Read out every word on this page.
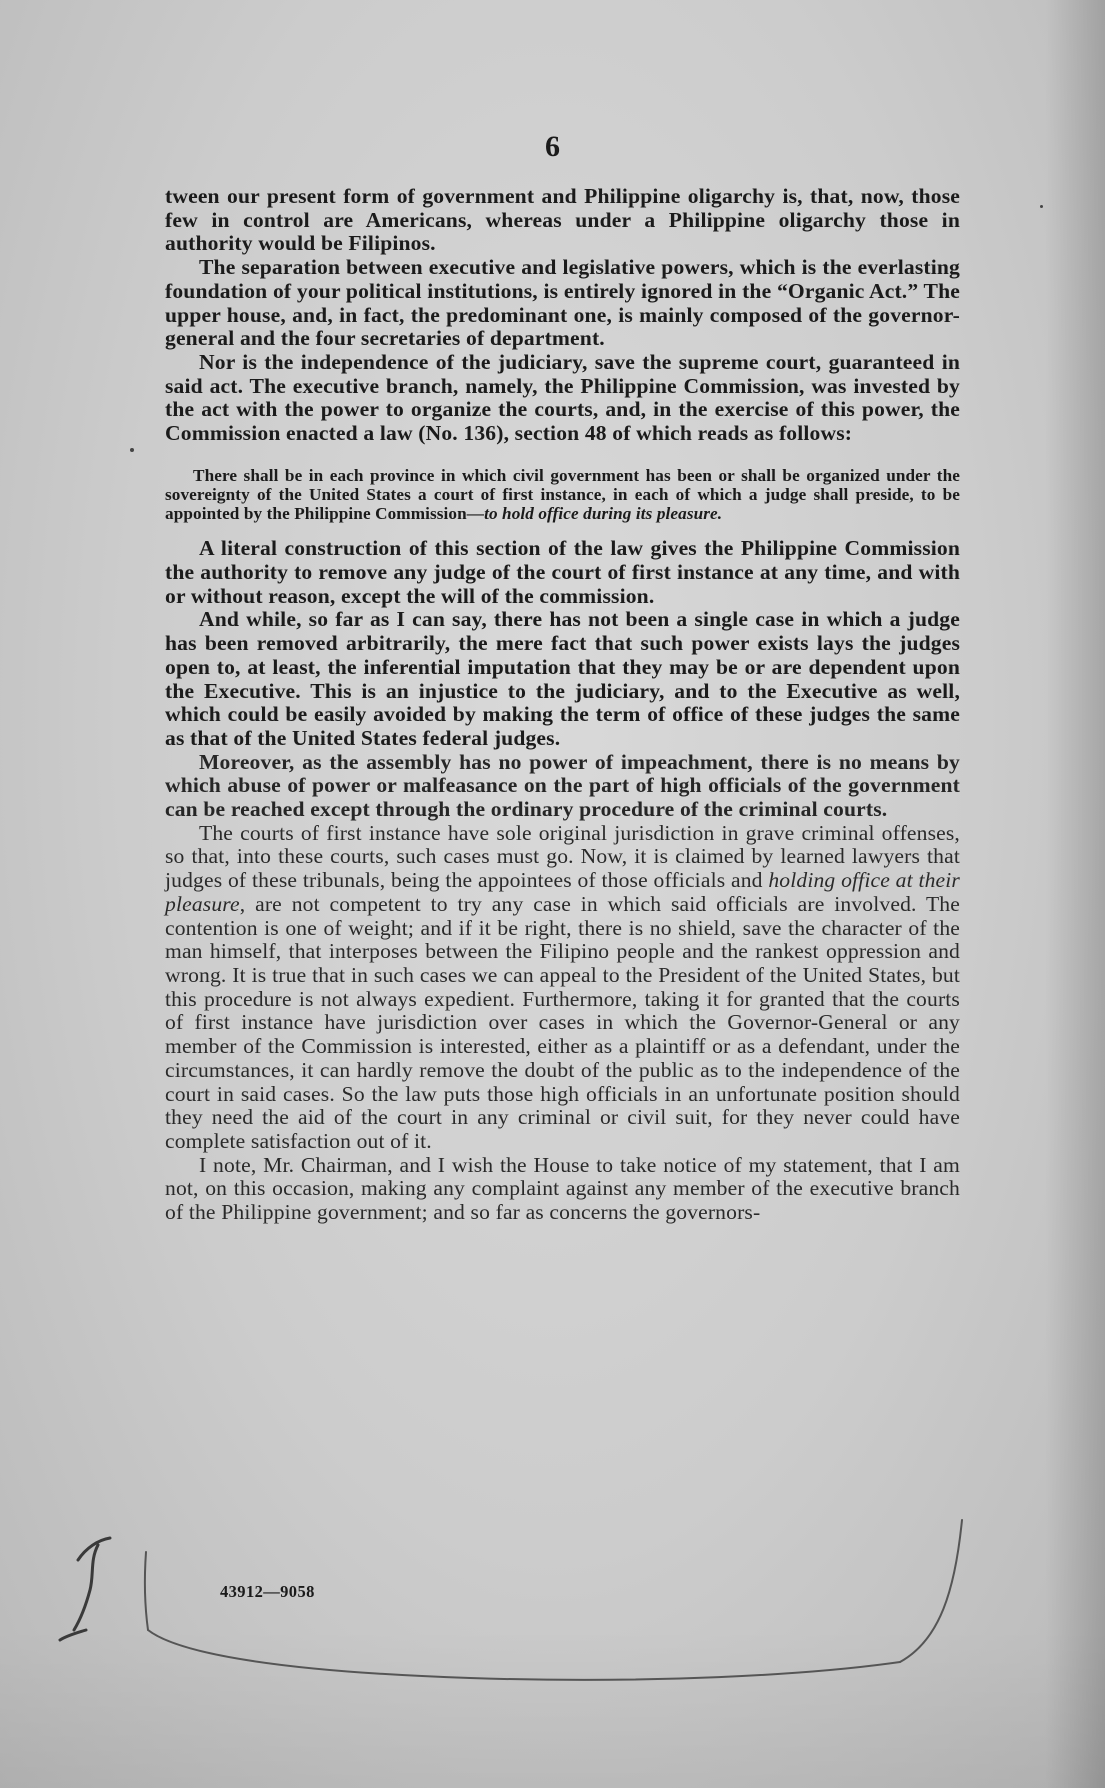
6

tween our present form of government and Philippine oligarchy is, that, now, those few in control are Americans, whereas under a Philippine oligarchy those in authority would be Filipinos.

The separation between executive and legislative powers, which is the everlasting foundation of your political institutions, is entirely ignored in the “Organic Act.” The upper house, and, in fact, the predominant one, is mainly composed of the governor-general and the four secretaries of department.

Nor is the independence of the judiciary, save the supreme court, guaranteed in said act. The executive branch, namely, the Philippine Commission, was invested by the act with the power to organize the courts, and, in the exercise of this power, the Commission enacted a law (No. 136), section 48 of which reads as follows:

There shall be in each province in which civil government has been or shall be organized under the sovereignty of the United States a court of first instance, in each of which a judge shall preside, to be appointed by the Philippine Commission—to hold office during its pleasure.

A literal construction of this section of the law gives the Philippine Commission the authority to remove any judge of the court of first instance at any time, and with or without reason, except the will of the commission.

And while, so far as I can say, there has not been a single case in which a judge has been removed arbitrarily, the mere fact that such power exists lays the judges open to, at least, the inferential imputation that they may be or are dependent upon the Executive. This is an injustice to the judiciary, and to the Executive as well, which could be easily avoided by making the term of office of these judges the same as that of the United States federal judges.

Moreover, as the assembly has no power of impeachment, there is no means by which abuse of power or malfeasance on the part of high officials of the government can be reached except through the ordinary procedure of the criminal courts.

The courts of first instance have sole original jurisdiction in grave criminal offenses, so that, into these courts, such cases must go. Now, it is claimed by learned lawyers that judges of these tribunals, being the appointees of those officials and holding office at their pleasure, are not competent to try any case in which said officials are involved. The contention is one of weight; and if it be right, there is no shield, save the character of the man himself, that interposes between the Filipino people and the rankest oppression and wrong. It is true that in such cases we can appeal to the President of the United States, but this procedure is not always expedient. Furthermore, taking it for granted that the courts of first instance have jurisdiction over cases in which the Governor-General or any member of the Commission is interested, either as a plaintiff or as a defendant, under the circumstances, it can hardly remove the doubt of the public as to the independence of the court in said cases. So the law puts those high officials in an unfortunate position should they need the aid of the court in any criminal or civil suit, for they never could have complete satisfaction out of it.

I note, Mr. Chairman, and I wish the House to take notice of my statement, that I am not, on this occasion, making any complaint against any member of the executive branch of the Philippine government; and so far as concerns the governors-

43912—9058
